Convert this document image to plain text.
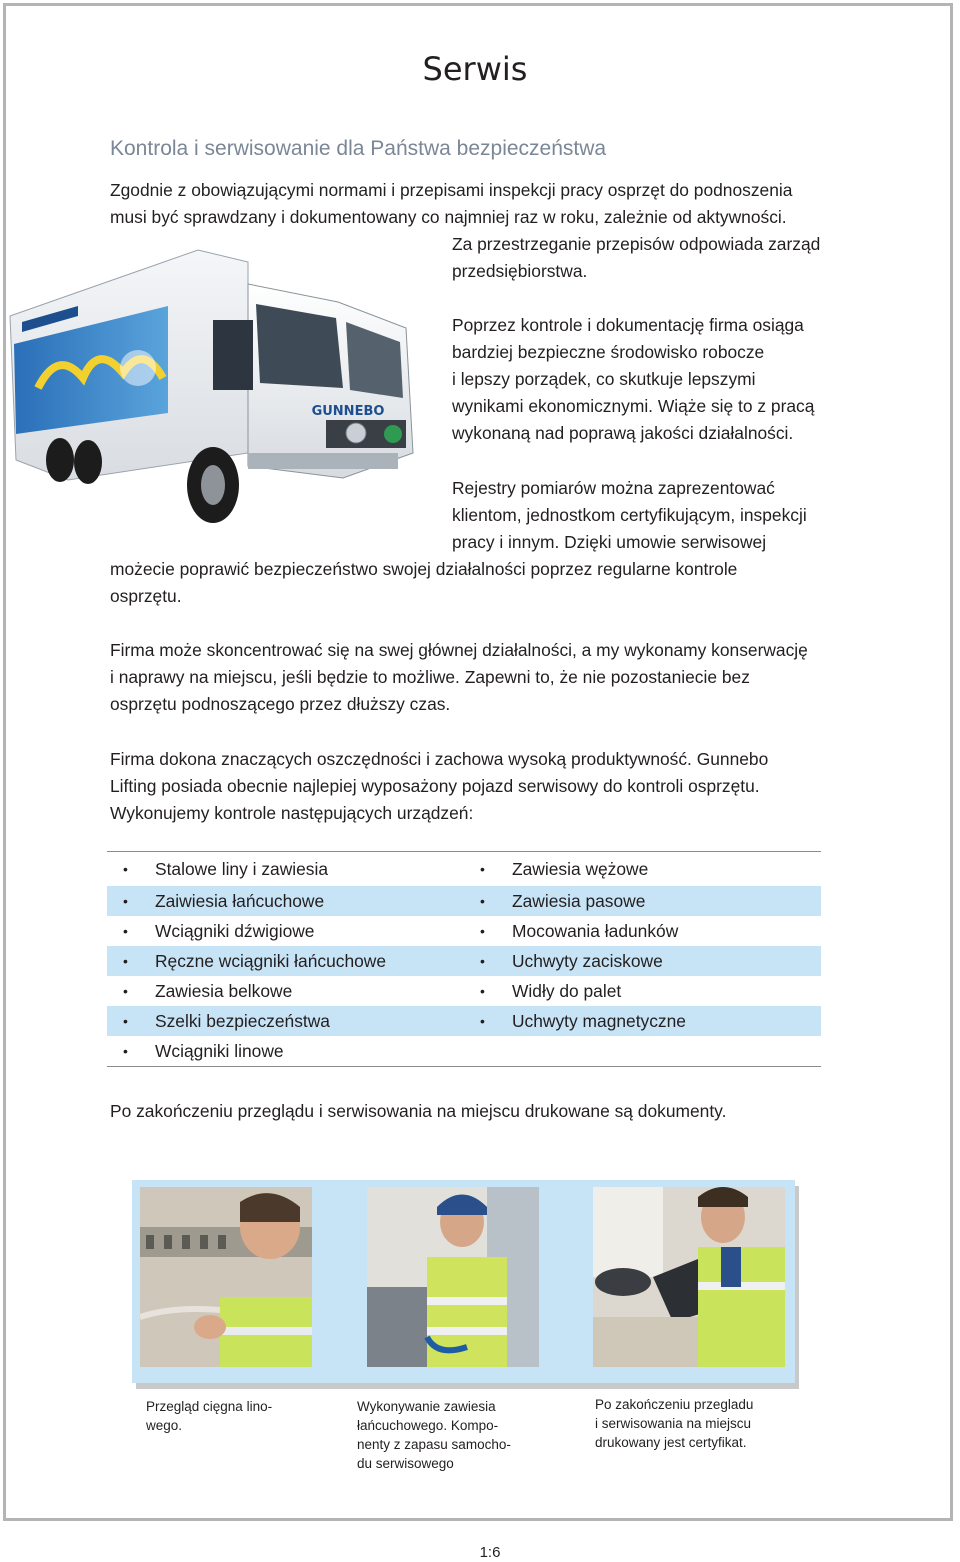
Serwis
Kontrola i serwisowanie dla Państwa bezpieczeństwa

Zgodnie z obowiązującymi normami i przepisami inspekcji pracy osprzęt do podnoszenia
musi być sprawdzany i dokumentowany co najmniej raz w roku, zależnie od aktywności.

Za przestrzeganie przepisów odpowiada zarząd
przedsiębiorstwa.

GUNNEBO

Poprzez kontrole i dokumentację firma osiąga
bardziej bezpieczne środowisko robocze
i lepszy porządek, co skutkuje lepszymi
wynikami ekonomicznymi. Wiąże się to z pracą
wykonaną nad poprawą jakości działalności.

Rejestry pomiarów można zaprezentować
klientom, jednostkom certyfikującym, inspekcji
pracy i innym. Dzięki umowie serwisowej

możecie poprawić bezpieczeństwo swojej działalności poprzez regularne kontrole
osprzętu.

Firma może skoncentrować się na swej głównej działalności, a my wykonamy konserwację
i naprawy na miejscu, jeśli będzie to możliwe. Zapewni to, że nie pozostaniecie bez
osprzętu podnoszącego przez dłuższy czas.

Firma dokona znaczących oszczędności i zachowa wysoką produktywność. Gunnebo
Lifting posiada obecnie najlepiej wyposażony pojazd serwisowy do kontroli osprzętu.
Wykonujemy kontrole następujących urządzeń:

•	Stalowe liny i zawiesia	•	Zawiesia wężowe
•	Zaiwiesia łańcuchowe	•	Zawiesia pasowe
•	Wciągniki dźwigiowe	•	Mocowania ładunków
•	Ręczne wciągniki łańcuchowe	•	Uchwyty zaciskowe
•	Zawiesia belkowe	•	Widły do palet
•	Szelki bezpieczeństwa	•	Uchwyty magnetyczne
•	Wciągniki linowe

Po zakończeniu przeglądu i serwisowania na miejscu drukowane są dokumenty.

Przegląd cięgna lino-
wego.

Wykonywanie zawiesia
łańcuchowego. Kompo-
nenty z zapasu samocho-
du serwisowego

Po zakończeniu przegladu
i serwisowania na miejscu
drukowany jest certyfikat.

1:6
